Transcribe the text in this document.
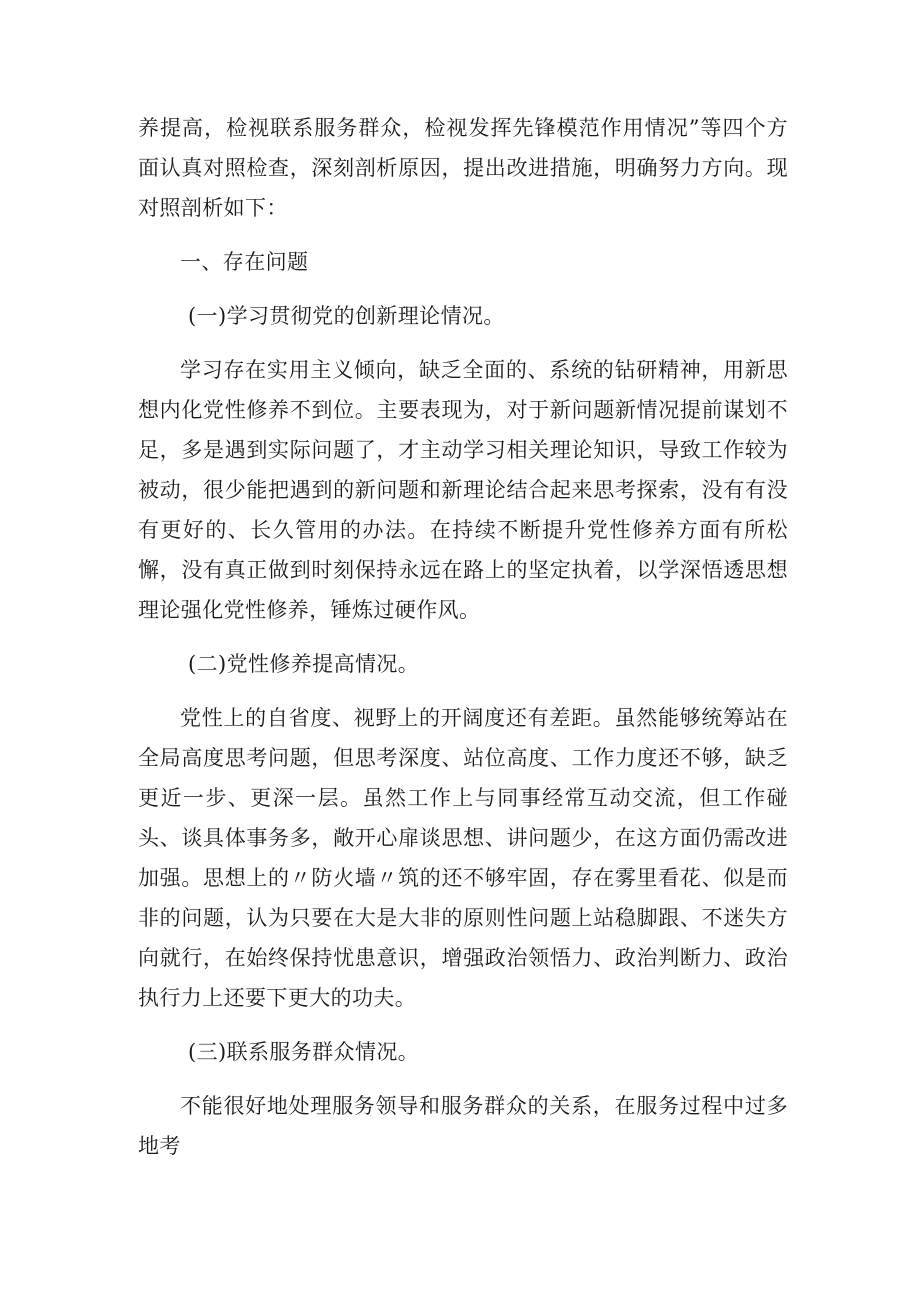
养提高，检视联系服务群众，检视发挥先锋模范作用情况”等四个方面认真对照检查，深刻剖析原因，提出改进措施，明确努力方向。现对照剖析如下：

一、存在问题

(一)学习贯彻党的创新理论情况。

学习存在实用主义倾向，缺乏全面的、系统的钻研精神，用新思想内化党性修养不到位。主要表现为，对于新问题新情况提前谋划不足，多是遇到实际问题了，才主动学习相关理论知识，导致工作较为被动，很少能把遇到的新问题和新理论结合起来思考探索，没有有没有更好的、长久管用的办法。在持续不断提升党性修养方面有所松懈，没有真正做到时刻保持永远在路上的坚定执着，以学深悟透思想理论强化党性修养，锤炼过硬作风。

(二)党性修养提高情况。

党性上的自省度、视野上的开阔度还有差距。虽然能够统筹站在全局高度思考问题，但思考深度、站位高度、工作力度还不够，缺乏更近一步、更深一层。虽然工作上与同事经常互动交流，但工作碰头、谈具体事务多，敞开心扉谈思想、讲问题少，在这方面仍需改进加强。思想上的〃防火墙〃筑的还不够牢固，存在雾里看花、似是而非的问题，认为只要在大是大非的原则性问题上站稳脚跟、不迷失方向就行，在始终保持忧患意识，增强政治领悟力、政治判断力、政治执行力上还要下更大的功夫。

(三)联系服务群众情况。

不能很好地处理服务领导和服务群众的关系，在服务过程中过多地考
